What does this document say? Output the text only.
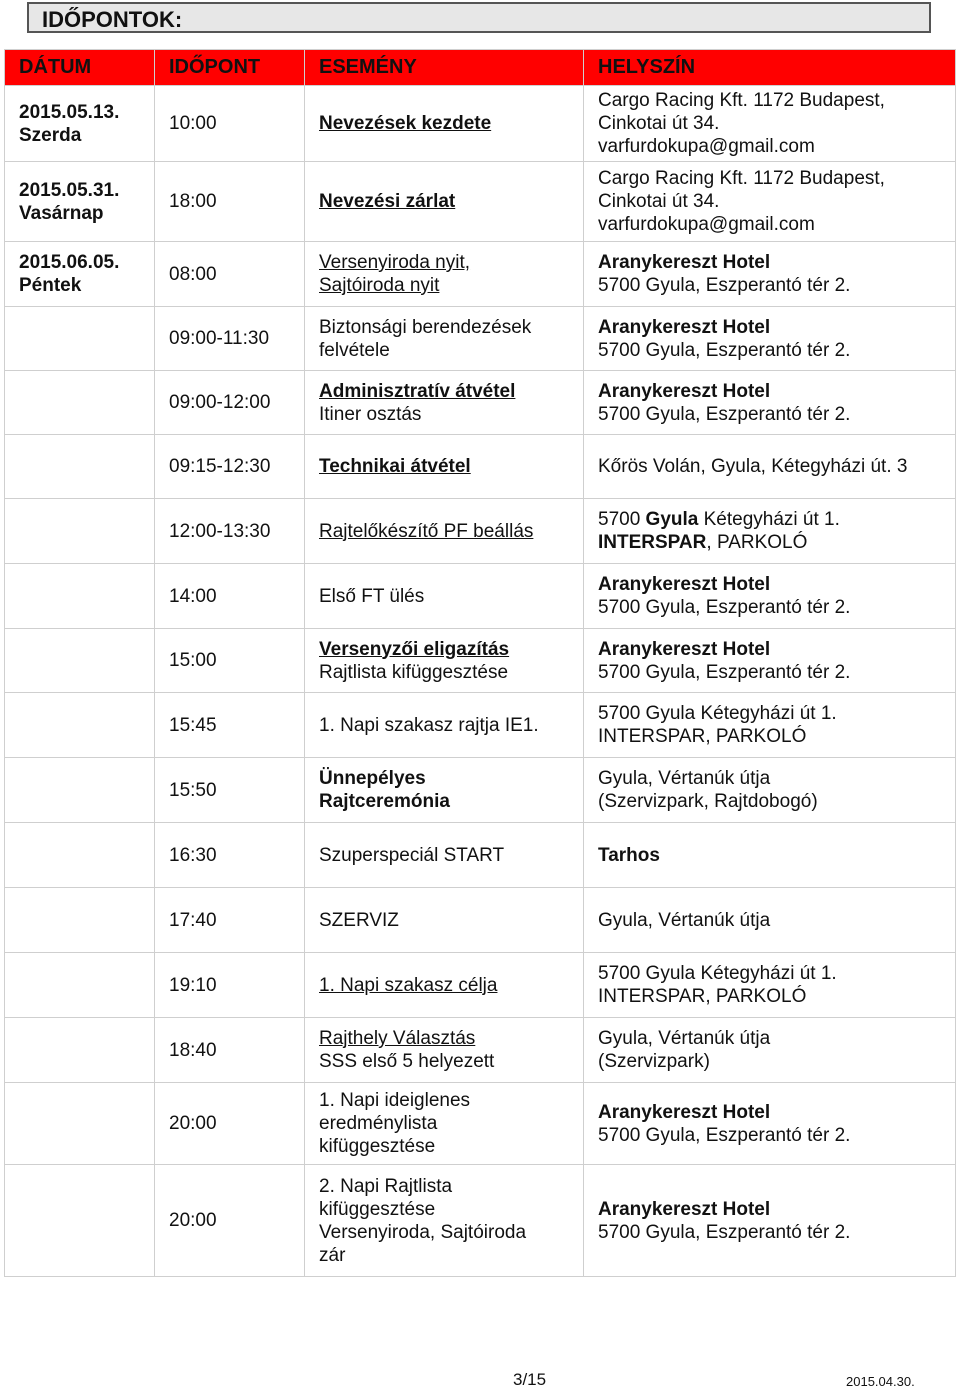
IDŐPONTOK:
DÁTUM	IDŐPONT	ESEMÉNY	HELYSZÍN
2015.05.13.
Szerda	10:00	Nevezések kezdete	Cargo Racing Kft. 1172 Budapest,
Cinkotai út 34.
varfurdokupa@gmail.com
2015.05.31.
Vasárnap	18:00	Nevezési zárlat	Cargo Racing Kft. 1172 Budapest,
Cinkotai út 34.
varfurdokupa@gmail.com
2015.06.05.
Péntek	08:00	Versenyiroda nyit,
Sajtóiroda nyit	Aranykereszt Hotel
5700 Gyula, Eszperantó tér 2.
	09:00-11:30	Biztonsági berendezések
felvétele	Aranykereszt Hotel
5700 Gyula, Eszperantó tér 2.
	09:00-12:00	Adminisztratív átvétel
Itiner osztás	Aranykereszt Hotel
5700 Gyula, Eszperantó tér 2.
	09:15-12:30	Technikai átvétel	Kőrös Volán, Gyula, Kétegyházi út. 3
	12:00-13:30	Rajtelőkészítő PF beállás	5700 Gyula Kétegyházi út 1.
INTERSPAR, PARKOLÓ
	14:00	Első FT ülés	Aranykereszt Hotel
5700 Gyula, Eszperantó tér 2.
	15:00	Versenyzői eligazítás
Rajtlista kifüggesztése	Aranykereszt Hotel
5700 Gyula, Eszperantó tér 2.
	15:45	1. Napi szakasz rajtja IE1.	5700 Gyula Kétegyházi út 1.
INTERSPAR, PARKOLÓ
	15:50	Ünnepélyes
Rajtceremónia	Gyula, Vértanúk útja
(Szervizpark, Rajtdobogó)
	16:30	Szuperspeciál START	Tarhos
	17:40	SZERVIZ	Gyula, Vértanúk útja
	19:10	1. Napi szakasz célja	5700 Gyula Kétegyházi út 1.
INTERSPAR, PARKOLÓ
	18:40	Rajthely Választás
SSS első 5 helyezett	Gyula, Vértanúk útja
(Szervizpark)
	20:00	1. Napi ideiglenes
eredménylista
kifüggesztése	Aranykereszt Hotel
5700 Gyula, Eszperantó tér 2.
	20:00	2. Napi Rajtlista
kifüggesztése
Versenyiroda, Sajtóiroda
zár	Aranykereszt Hotel
5700 Gyula, Eszperantó tér 2.
3/15	2015.04.30.
